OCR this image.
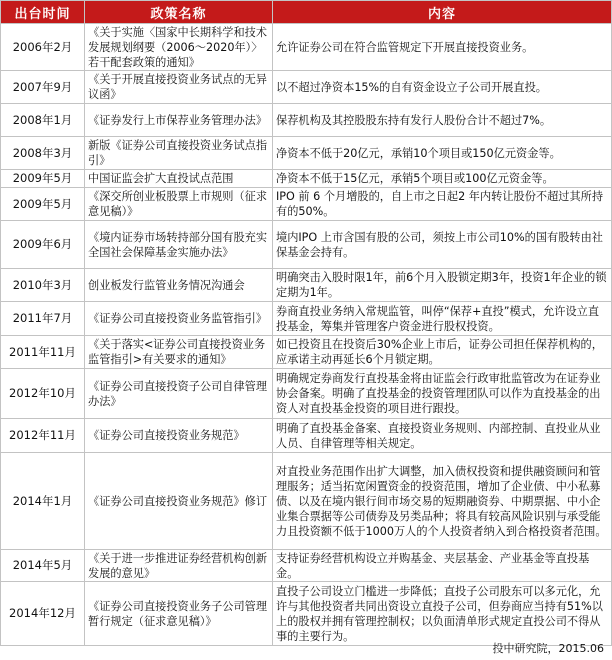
出台时间	政策名称	内容
2006年2月	《关于实施〈国家中长期科学和技术发展规划纲要（2006～2020年）〉若干配套政策的通知》	允许证券公司在符合监管规定下开展直接投资业务。
2007年9月	《关于开展直接投资业务试点的无异议函》	以不超过净资本15%的自有资金设立子公司开展直投。
2008年1月	《证券发行上市保荐业务管理办法》	保荐机构及其控股股东持有发行人股份合计不超过7%。
2008年3月	新版《证券公司直接投资业务试点指引》	净资本不低于20亿元，承销10个项目或150亿元资金等。
2009年5月	中国证监会扩大直投试点范围	净资本不低于15亿元，承销5个项目或100亿元资金等。
2009年5月	《深交所创业板股票上市规则（征求意见稿）》	IPO 前 6 个月增股的，自上市之日起2 年内转让股份不超过其所持有的50%。
2009年6月	《境内证券市场转持部分国有股充实全国社会保障基金实施办法》	境内IPO 上市含国有股的公司，须按上市公司10%的国有股转由社保基金会持有。
2010年3月	创业板发行监管业务情况沟通会	明确突击入股时限1年，前6个月入股锁定期3年，投资1年企业的锁定期为1年。
2011年7月	《证券公司直接投资业务监管指引》	券商直投业务纳入常规监管，叫停“保荐+直投”模式，允许设立直投基金，筹集并管理客户资金进行股权投资。
2011年11月	《关于落实<证券公司直接投资业务监管指引>有关要求的通知》	如已投资且在投资后30%企业上市后，证券公司担任保荐机构的，应承诺主动再延长6个月锁定期。
2012年10月	《证券公司直接投资子公司自律管理办法》	明确规定券商发行直投基金将由证监会行政审批监管改为在证券业协会备案。明确了直投基金的投资管理团队可以作为直投基金的出资人对直投基金投资的项目进行跟投。
2012年11月	《证券公司直接投资业务规范》	明确了直投基金备案、直接投资业务规则、内部控制、直投业从业人员、自律管理等相关规定。
2014年1月	《证券公司直接投资业务规范》修订	对直投业务范围作出扩大调整，加入债权投资和提供融资顾问和管理服务；适当拓宽闲置资金的投资范围，增加了企业债、中小私募债、以及在境内银行间市场交易的短期融资券、中期票据、中小企业集合票据等公司债券及另类品种；将具有较高风险识别与承受能力且投资额不低于1000万人的个人投资者纳入到合格投资者范围。
2014年5月	《关于进一步推进证券经营机构创新发展的意见》	支持证券经营机构设立并购基金、夹层基金、产业基金等直投基金。
2014年12月	《证券公司直接投资业务子公司管理暂行规定（征求意见稿）》	直投子公司设立门槛进一步降低；直投子公司股东可以多元化，允许与其他投资者共同出资设立直投子公司，但券商应当持有51%以上的股权并拥有管理控制权；以负面清单形式规定直投公司不得从事的主要行为。
投中研究院，2015.06
